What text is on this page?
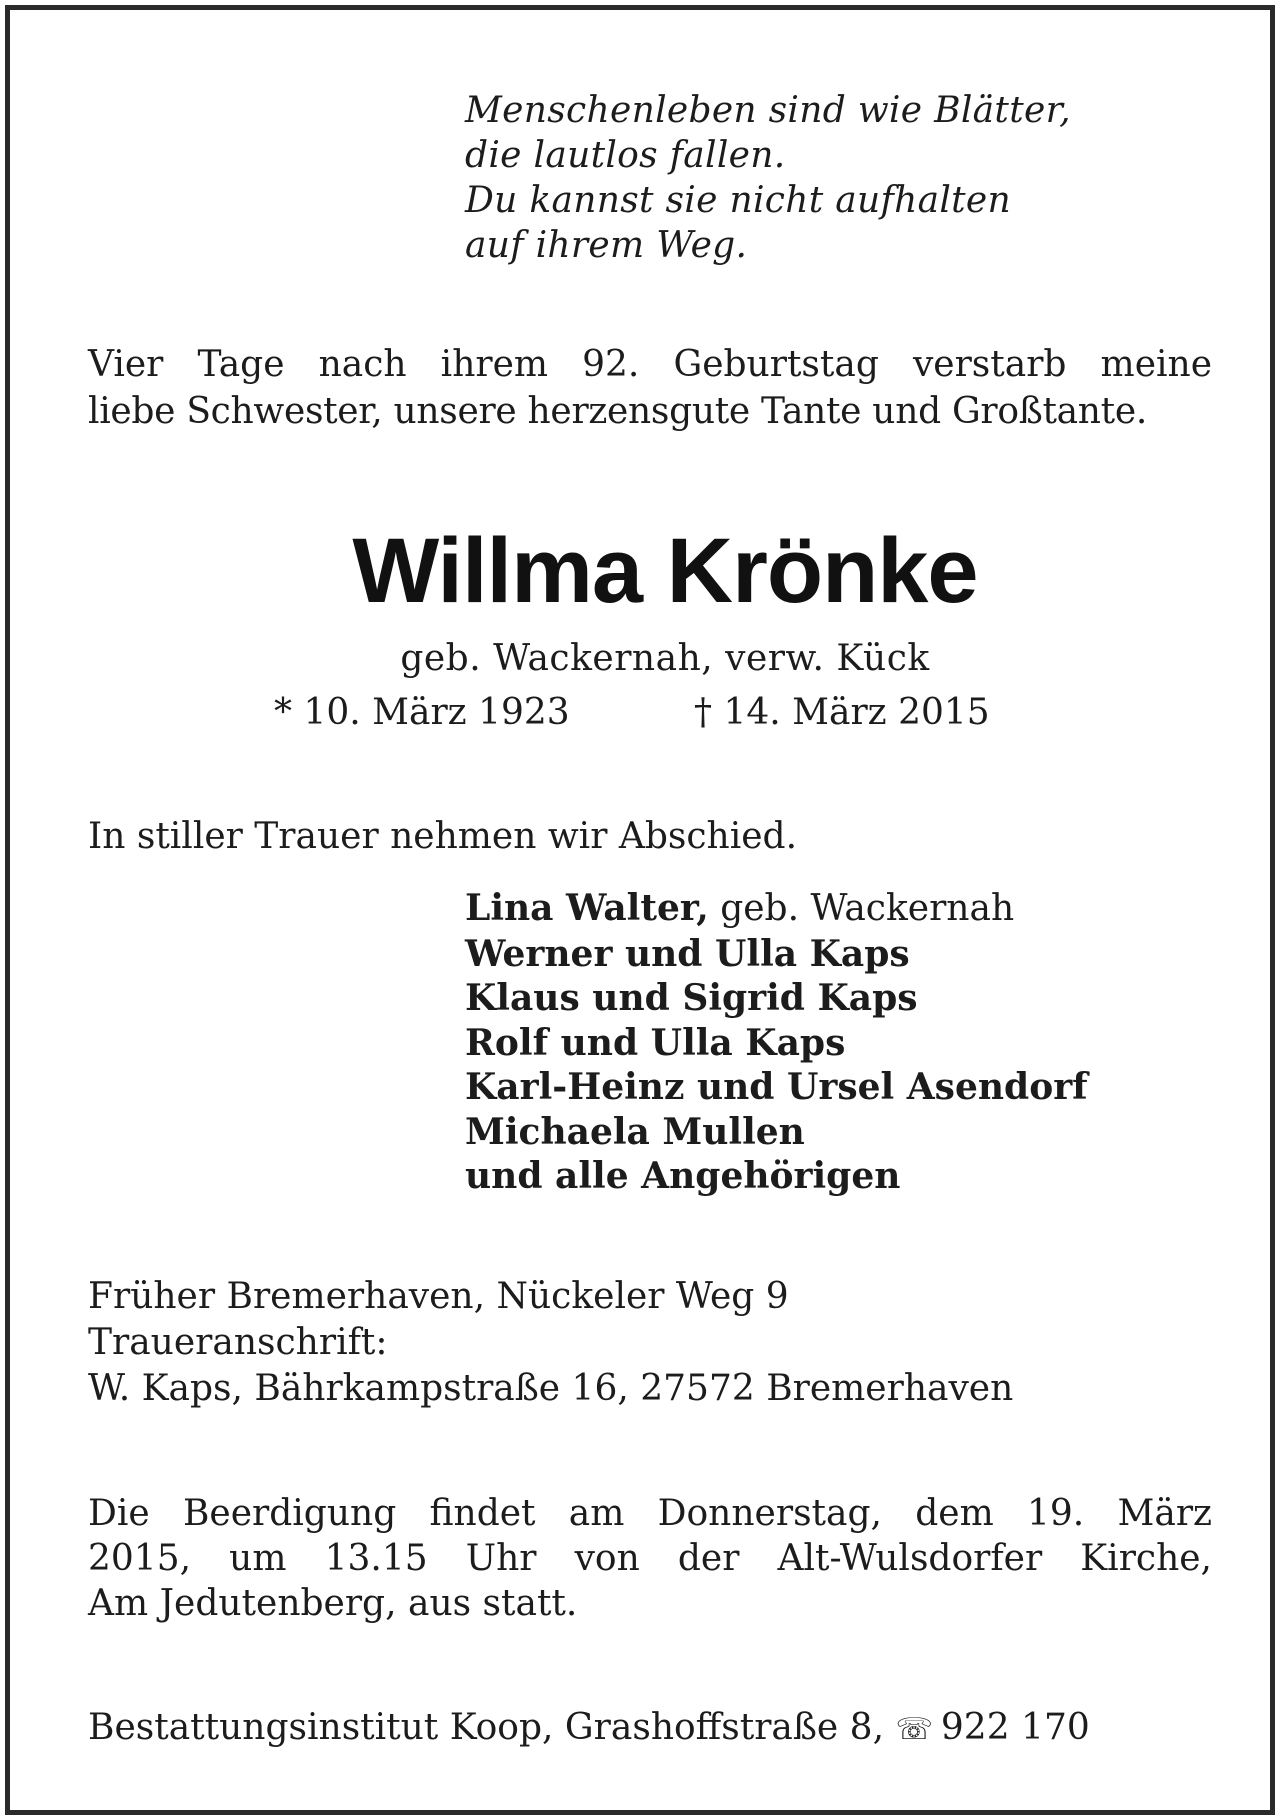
Menschenleben sind wie Blätter,
die lautlos fallen.
Du kannst sie nicht aufhalten
auf ihrem Weg.
Vier Tage nach ihrem 92. Geburtstag verstarb meine
liebe Schwester, unsere herzensgute Tante und Großtante.
Willma Krönke
geb. Wackernah, verw. Kück
* 10. März 1923	† 14. März 2015
In stiller Trauer nehmen wir Abschied.
Lina Walter, geb. Wackernah
Werner und Ulla Kaps
Klaus und Sigrid Kaps
Rolf und Ulla Kaps
Karl-Heinz und Ursel Asendorf
Michaela Mullen
und alle Angehörigen
Früher Bremerhaven, Nückeler Weg 9
Traueranschrift:
W. Kaps, Bährkampstraße 16, 27572 Bremerhaven
Die Beerdigung findet am Donnerstag, dem 19. März
2015, um 13.15 Uhr von der Alt-Wulsdorfer Kirche,
Am Jedutenberg, aus statt.
Bestattungsinstitut Koop, Grashoffstraße 8, ☏ 922 170
